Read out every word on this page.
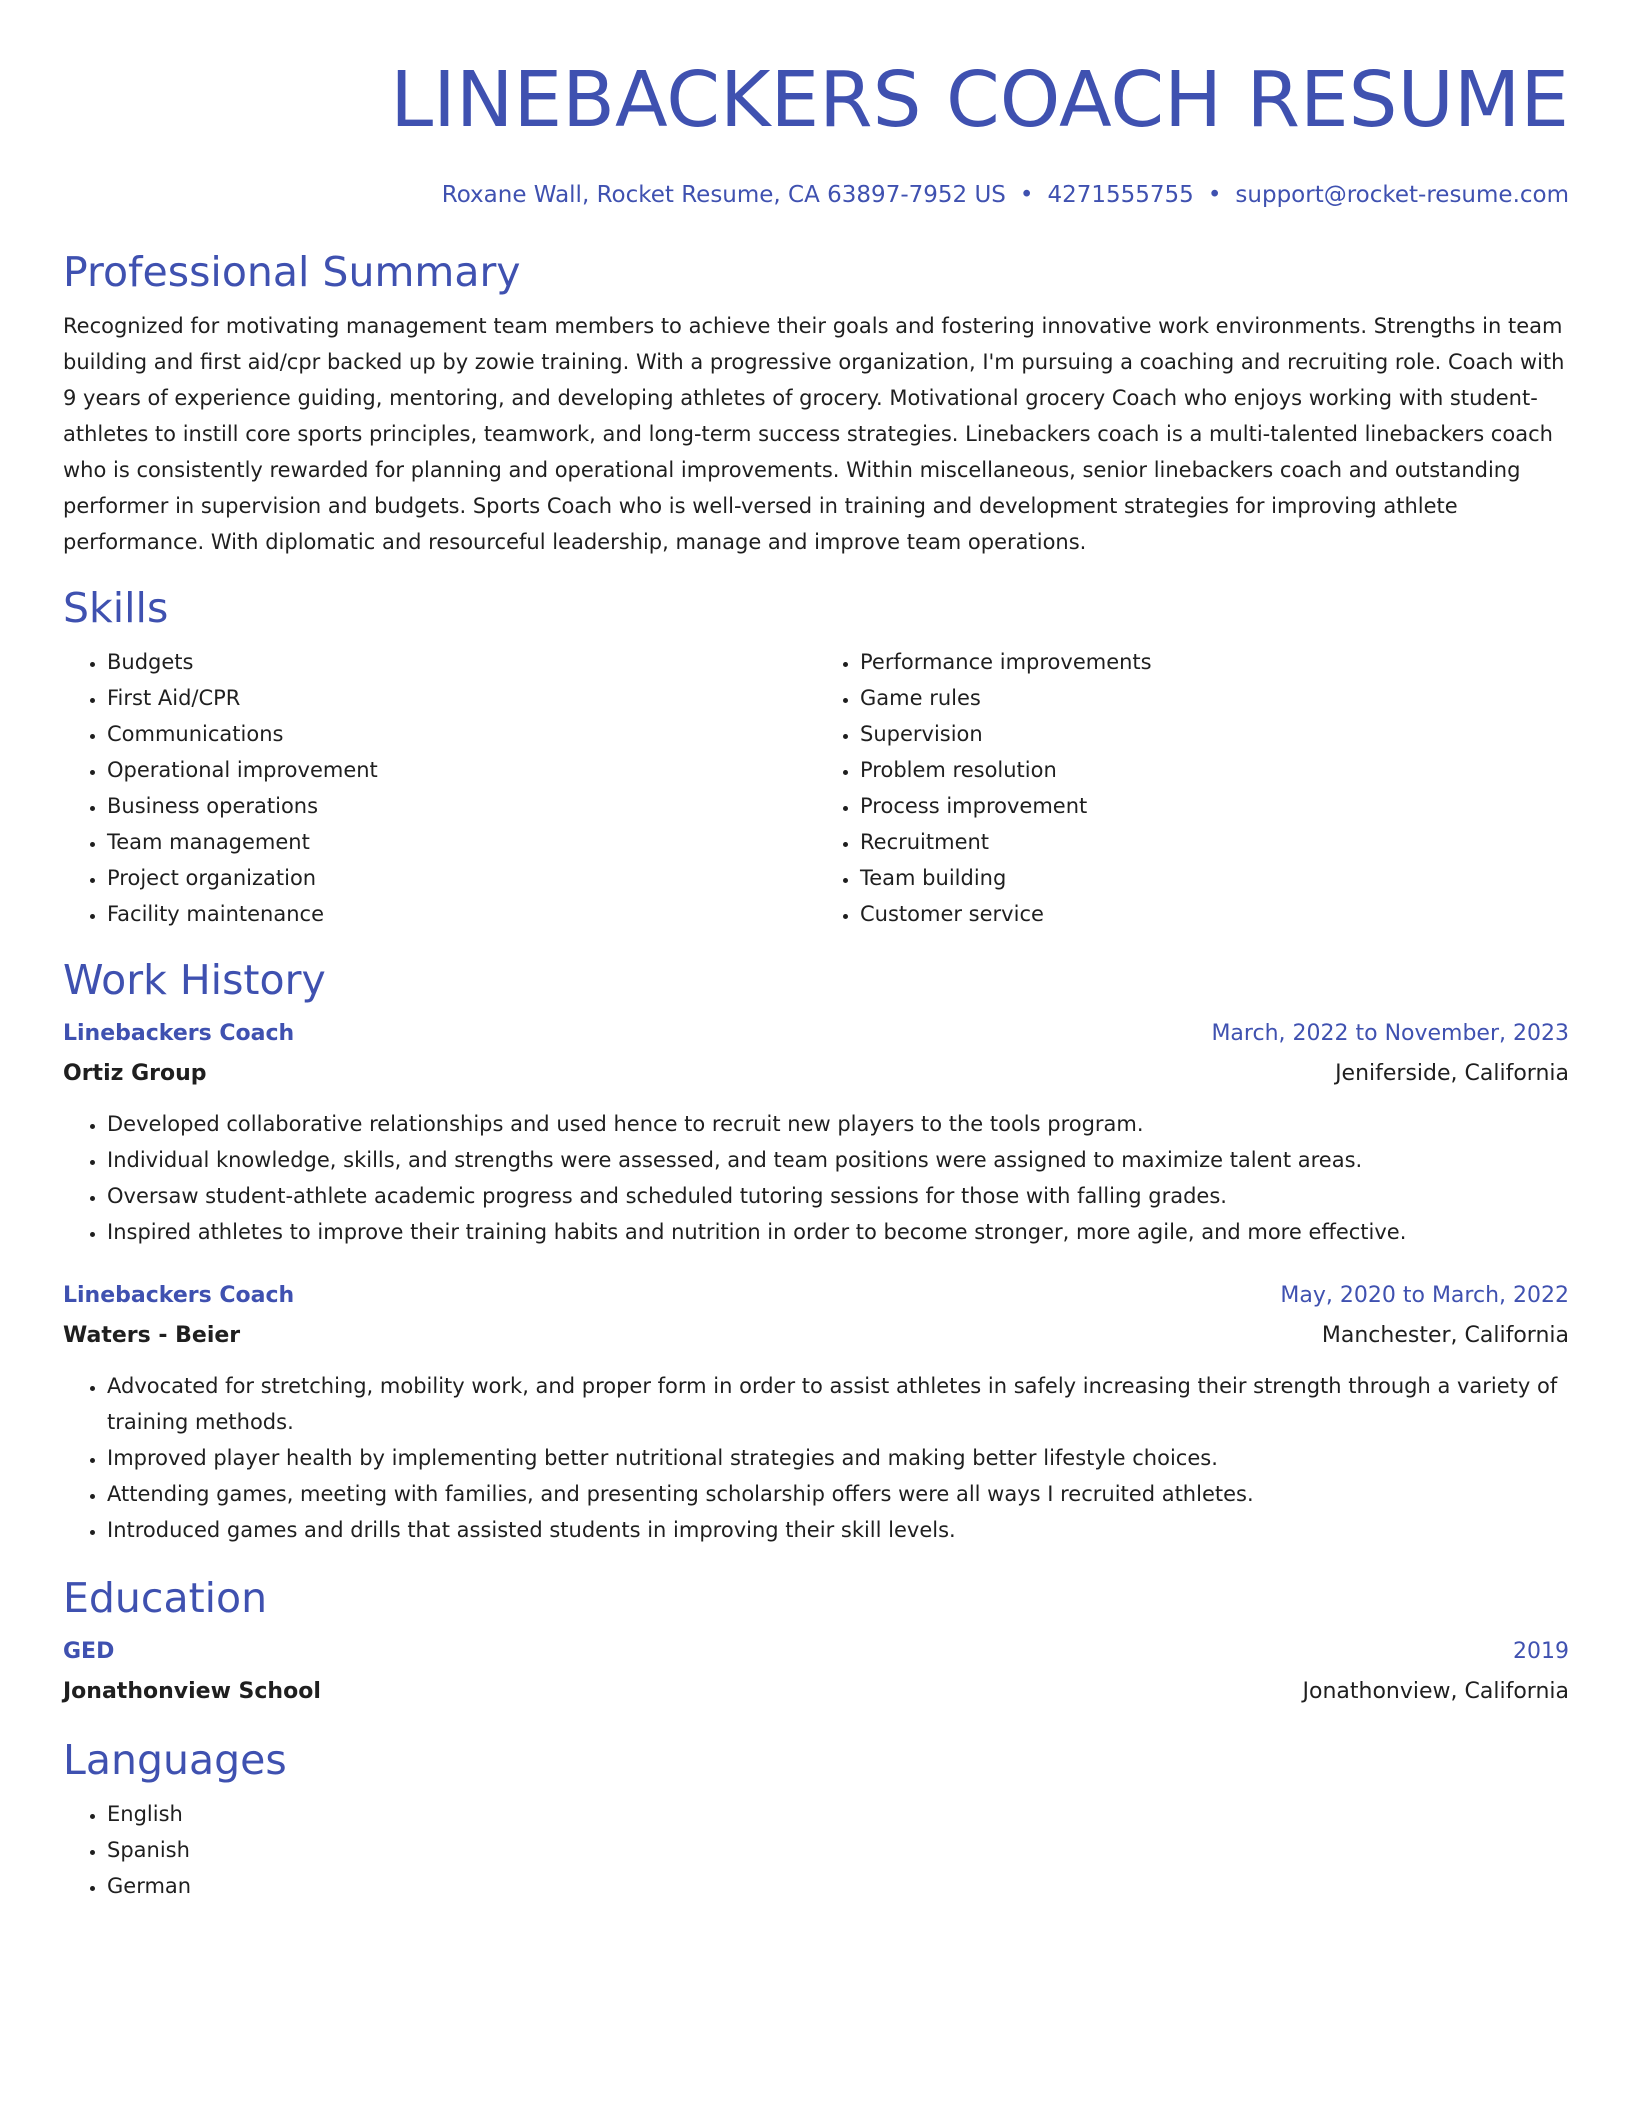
LINEBACKERS COACH RESUME
Roxane Wall, Rocket Resume, CA 63897-7952 US • 4271555755 • support@rocket-resume.com
Professional Summary

Recognized for motivating management team members to achieve their goals and fostering innovative work environments. Strengths in team building and first aid/cpr backed up by zowie training. With a progressive organization, I'm pursuing a coaching and recruiting role. Coach with 9 years of experience guiding, mentoring, and developing athletes of grocery. Motivational grocery Coach who enjoys working with student-athletes to instill core sports principles, teamwork, and long-term success strategies. Linebackers coach is a multi-talented linebackers coach who is consistently rewarded for planning and operational improvements. Within miscellaneous, senior linebackers coach and outstanding performer in supervision and budgets. Sports Coach who is well-versed in training and development strategies for improving athlete performance. With diplomatic and resourceful leadership, manage and improve team operations.

Skills
• Budgets
• First Aid/CPR
• Communications
• Operational improvement
• Business operations
• Team management
• Project organization
• Facility maintenance
• Performance improvements
• Game rules
• Supervision
• Problem resolution
• Process improvement
• Recruitment
• Team building
• Customer service
Work History
Linebackers Coach	March, 2022 to November, 2023
Ortiz Group	Jeniferside, California
• Developed collaborative relationships and used hence to recruit new players to the tools program.
• Individual knowledge, skills, and strengths were assessed, and team positions were assigned to maximize talent areas.
• Oversaw student-athlete academic progress and scheduled tutoring sessions for those with falling grades.
• Inspired athletes to improve their training habits and nutrition in order to become stronger, more agile, and more effective.
Linebackers Coach	May, 2020 to March, 2022
Waters - Beier	Manchester, California
• Advocated for stretching, mobility work, and proper form in order to assist athletes in safely increasing their strength through a variety of training methods.
• Improved player health by implementing better nutritional strategies and making better lifestyle choices.
• Attending games, meeting with families, and presenting scholarship offers were all ways I recruited athletes.
• Introduced games and drills that assisted students in improving their skill levels.
Education
GED	2019
Jonathonview School	Jonathonview, California
Languages
• English
• Spanish
• German
